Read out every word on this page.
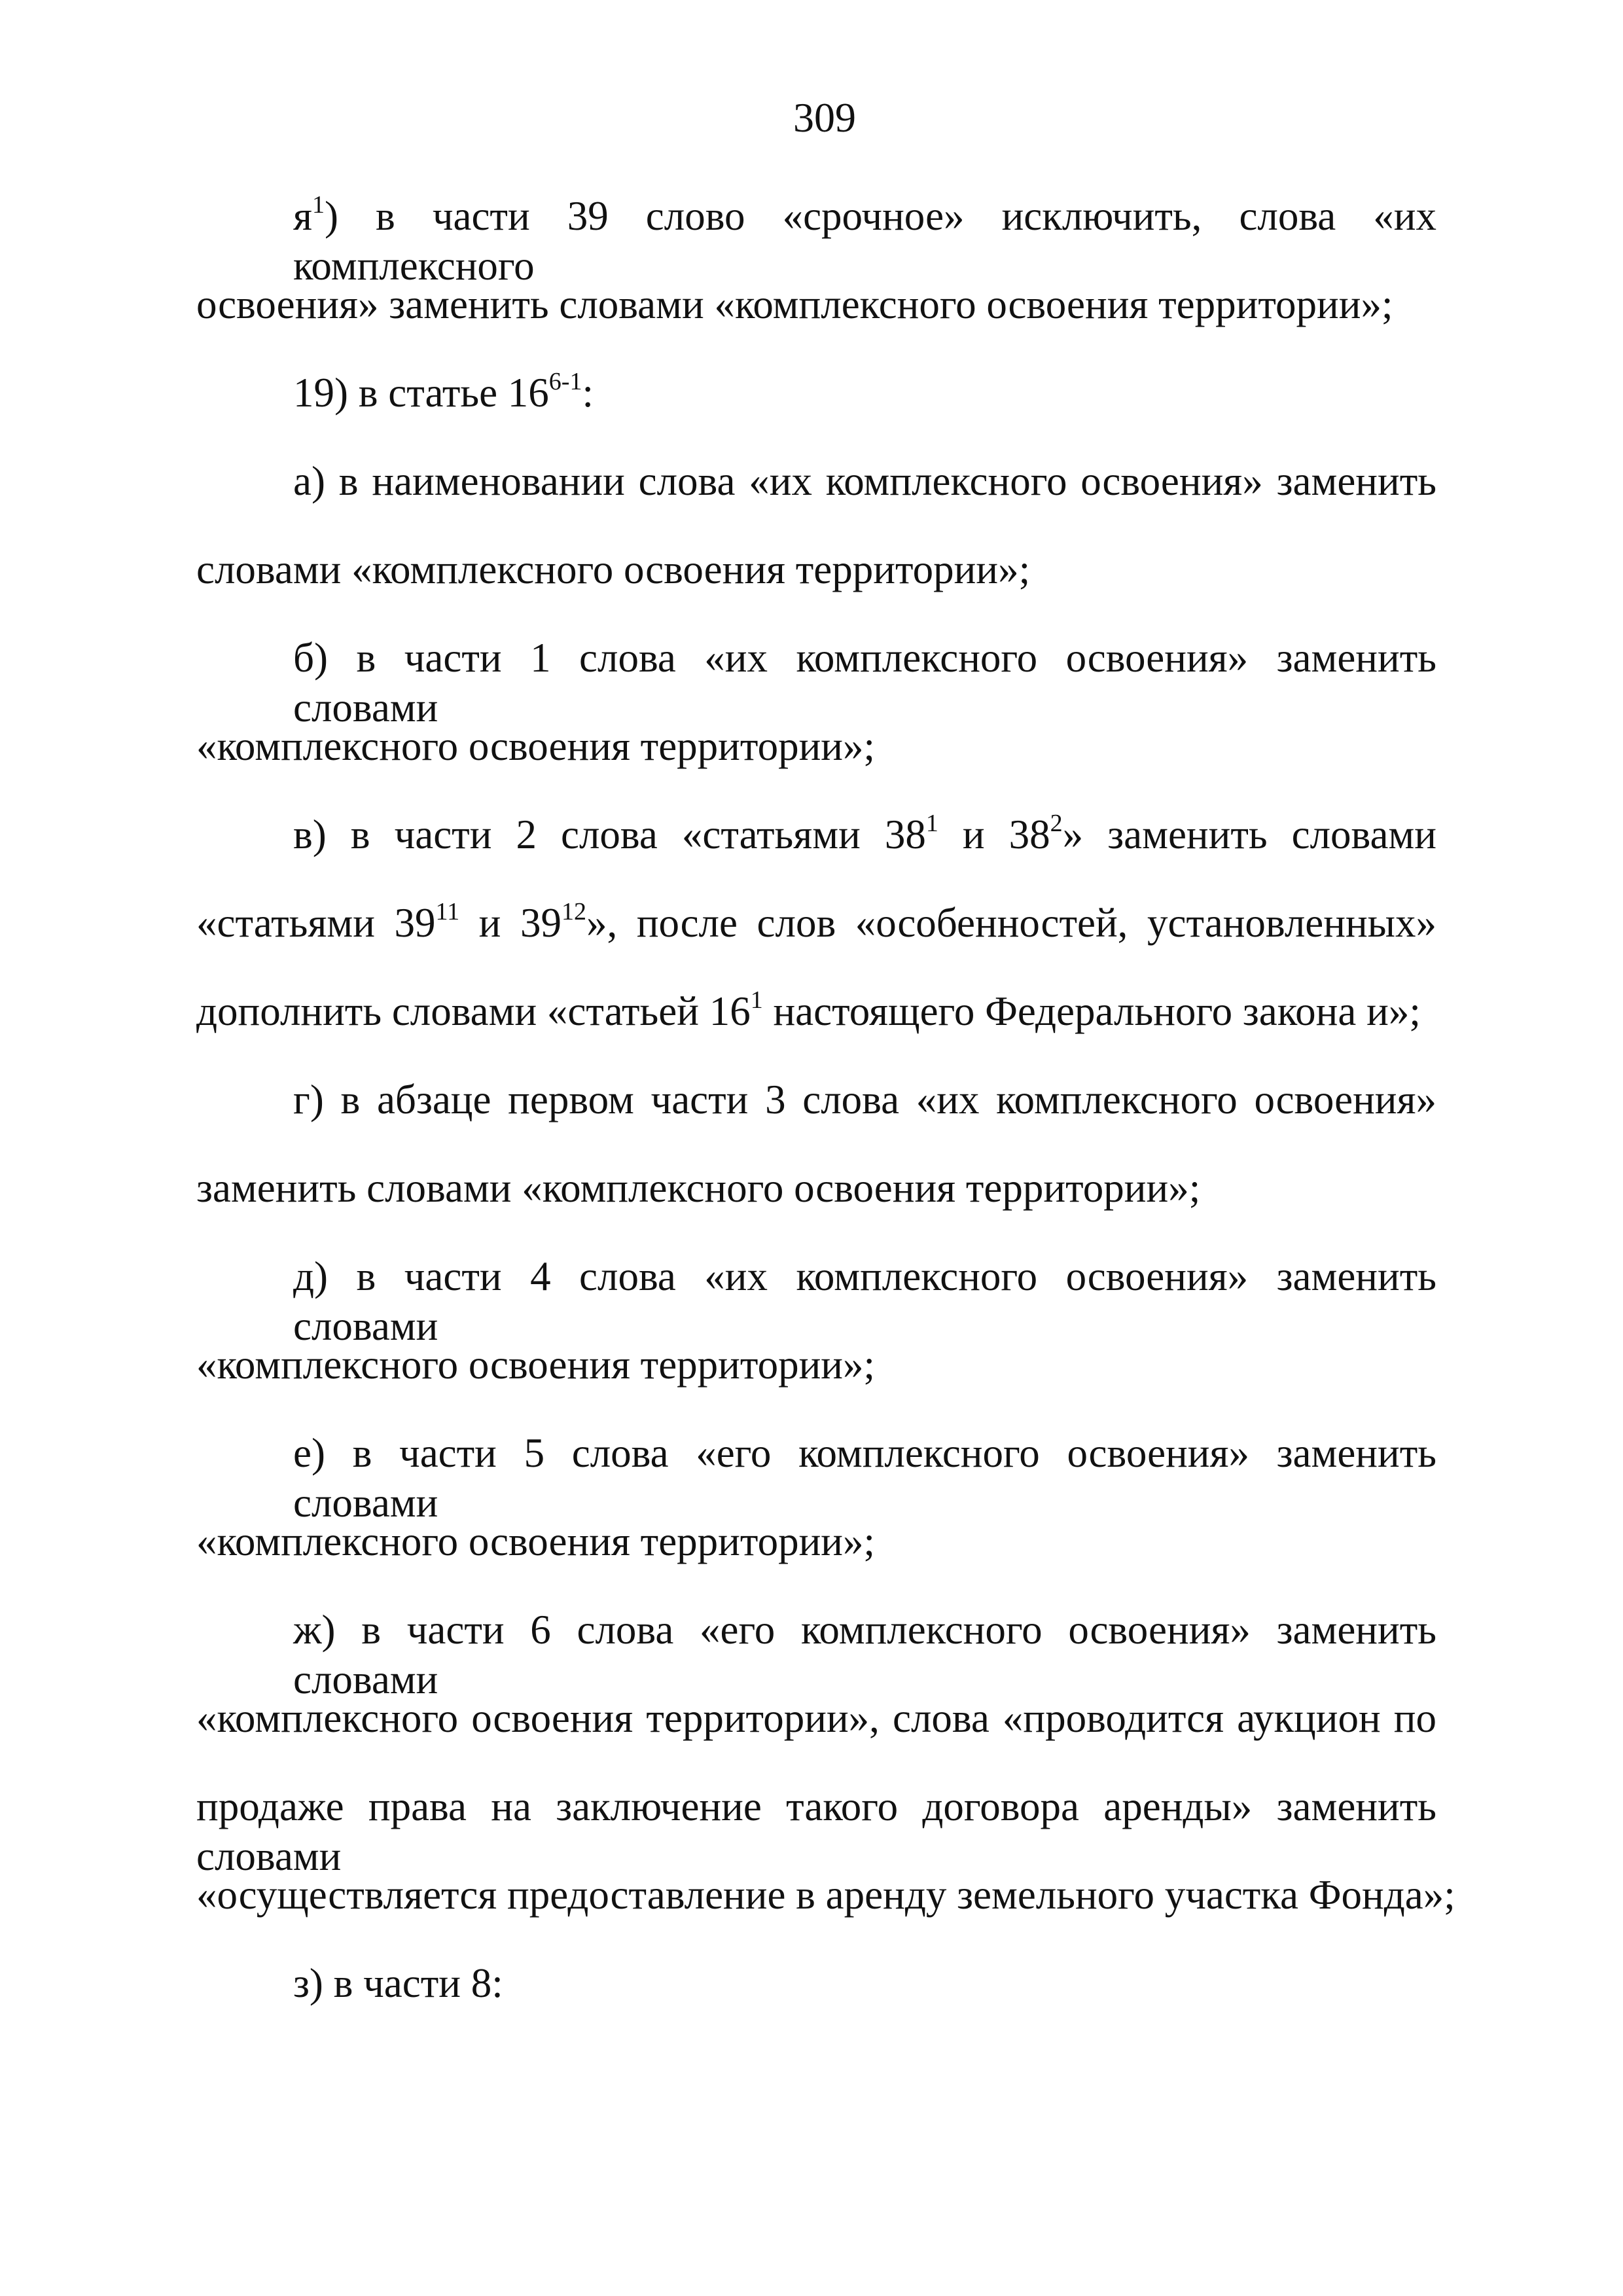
309
$я^1$) в части 39 слово «срочное» исключить, слова «их комплексного
освоения» заменить словами «комплексного освоения территории»;
19) в статье 16$^{6-1}$:
а) в наименовании слова «их комплексного освоения» заменить
словами «комплексного освоения территории»;
б) в части 1 слова «их комплексного освоения» заменить словами
«комплексного освоения территории»;
в) в части 2 слова «статьями $38^1$ и $38^2$» заменить словами
«статьями $39^{11}$ и $39^{12}$», после слов «особенностей, установленных»
дополнить словами «статьей $16^1$ настоящего Федерального закона и»;
г) в абзаце первом части 3 слова «их комплексного освоения»
заменить словами «комплексного освоения территории»;
д) в части 4 слова «их комплексного освоения» заменить словами
«комплексного освоения территории»;
е) в части 5 слова «его комплексного освоения» заменить словами
«комплексного освоения территории»;
ж) в части 6 слова «его комплексного освоения» заменить словами
«комплексного освоения территории», слова «проводится аукцион по
продаже права на заключение такого договора аренды» заменить словами
«осуществляется предоставление в аренду земельного участка Фонда»;
з) в части 8:
